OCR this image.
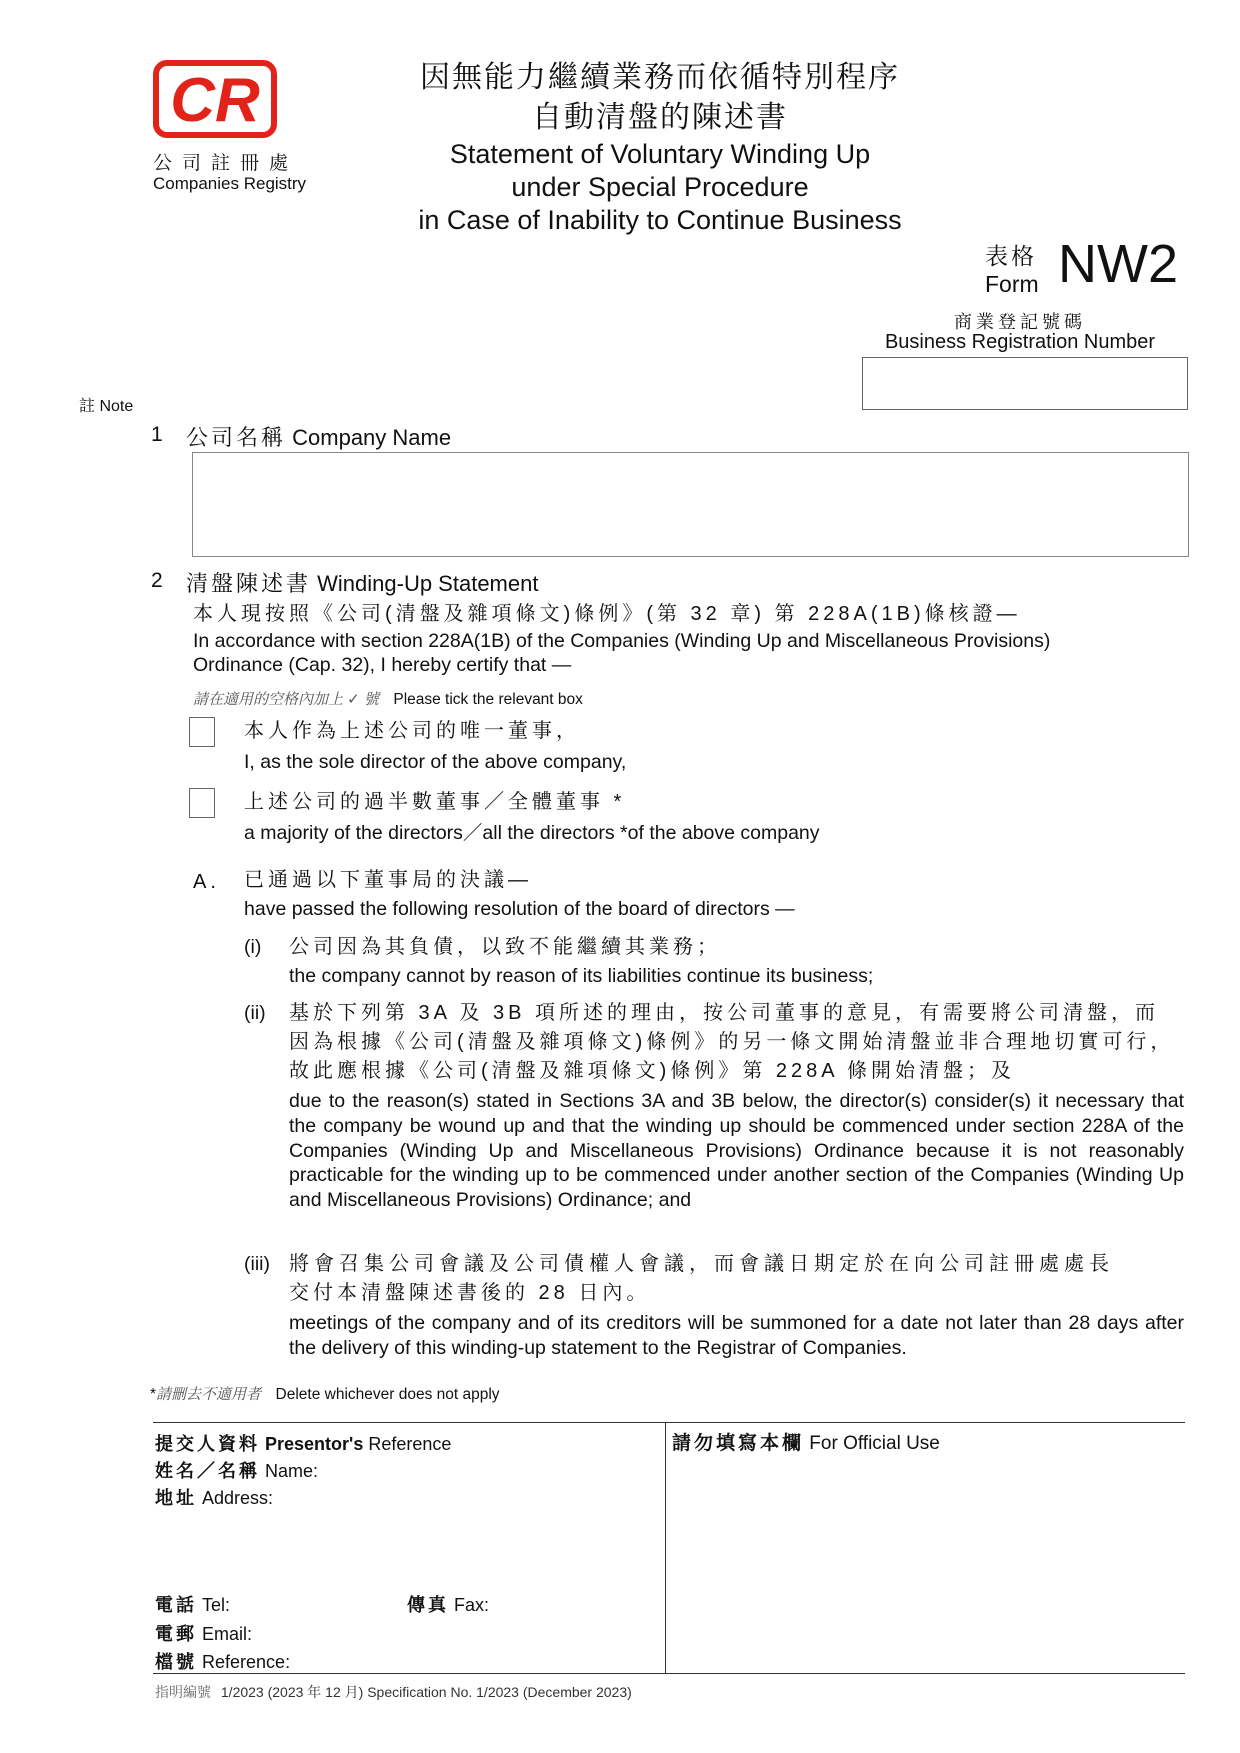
CR
公司註冊處
Companies Registry
因無能力繼續業務而依循特別程序
自動清盤的陳述書
Statement of Voluntary Winding Up
under Special Procedure
in Case of Inability to Continue Business
表格
Form NW2
商業登記號碼
Business Registration Number
註 Note
1 公司名稱 Company Name
2 清盤陳述書 Winding-Up Statement
本人現按照《公司(清盤及雜項條文)條例》(第 32 章) 第 228A(1B)條核證—
In accordance with section 228A(1B) of the Companies (Winding Up and Miscellaneous Provisions)
Ordinance (Cap. 32), I hereby certify that —
請在適用的空格內加上 ✓ 號 Please tick the relevant box
本人作為上述公司的唯一董事，
I, as the sole director of the above company,
上述公司的過半數董事／全體董事 *
a majority of the directors／all the directors *of the above company
A. 已通過以下董事局的決議—
have passed the following resolution of the board of directors —
(i) 公司因為其負債，以致不能繼續其業務；
the company cannot by reason of its liabilities continue its business;
(ii) 基於下列第 3A 及 3B 項所述的理由，按公司董事的意見，有需要將公司清盤，而
因為根據《公司(清盤及雜項條文)條例》的另一條文開始清盤並非合理地切實可行，
故此應根據《公司(清盤及雜項條文)條例》第 228A 條開始清盤；及
due to the reason(s) stated in Sections 3A and 3B below, the director(s) consider(s) it necessary that the company be wound up and that the winding up should be commenced under section 228A of the Companies (Winding Up and Miscellaneous Provisions) Ordinance because it is not reasonably practicable for the winding up to be commenced under another section of the Companies (Winding Up and Miscellaneous Provisions) Ordinance; and
(iii) 將會召集公司會議及公司債權人會議，而會議日期定於在向公司註冊處處長
交付本清盤陳述書後的 28 日內。
meetings of the company and of its creditors will be summoned for a date not later than 28 days after the delivery of this winding-up statement to the Registrar of Companies.
*請刪去不適用者 Delete whichever does not apply
提交人資料 Presentor's Reference
姓名／名稱 Name:
地址 Address:
電話 Tel:	傳真 Fax:
電郵 Email:
檔號 Reference:
請勿填寫本欄 For Official Use
指明編號 1/2023 (2023 年 12 月) Specification No. 1/2023 (December 2023)
